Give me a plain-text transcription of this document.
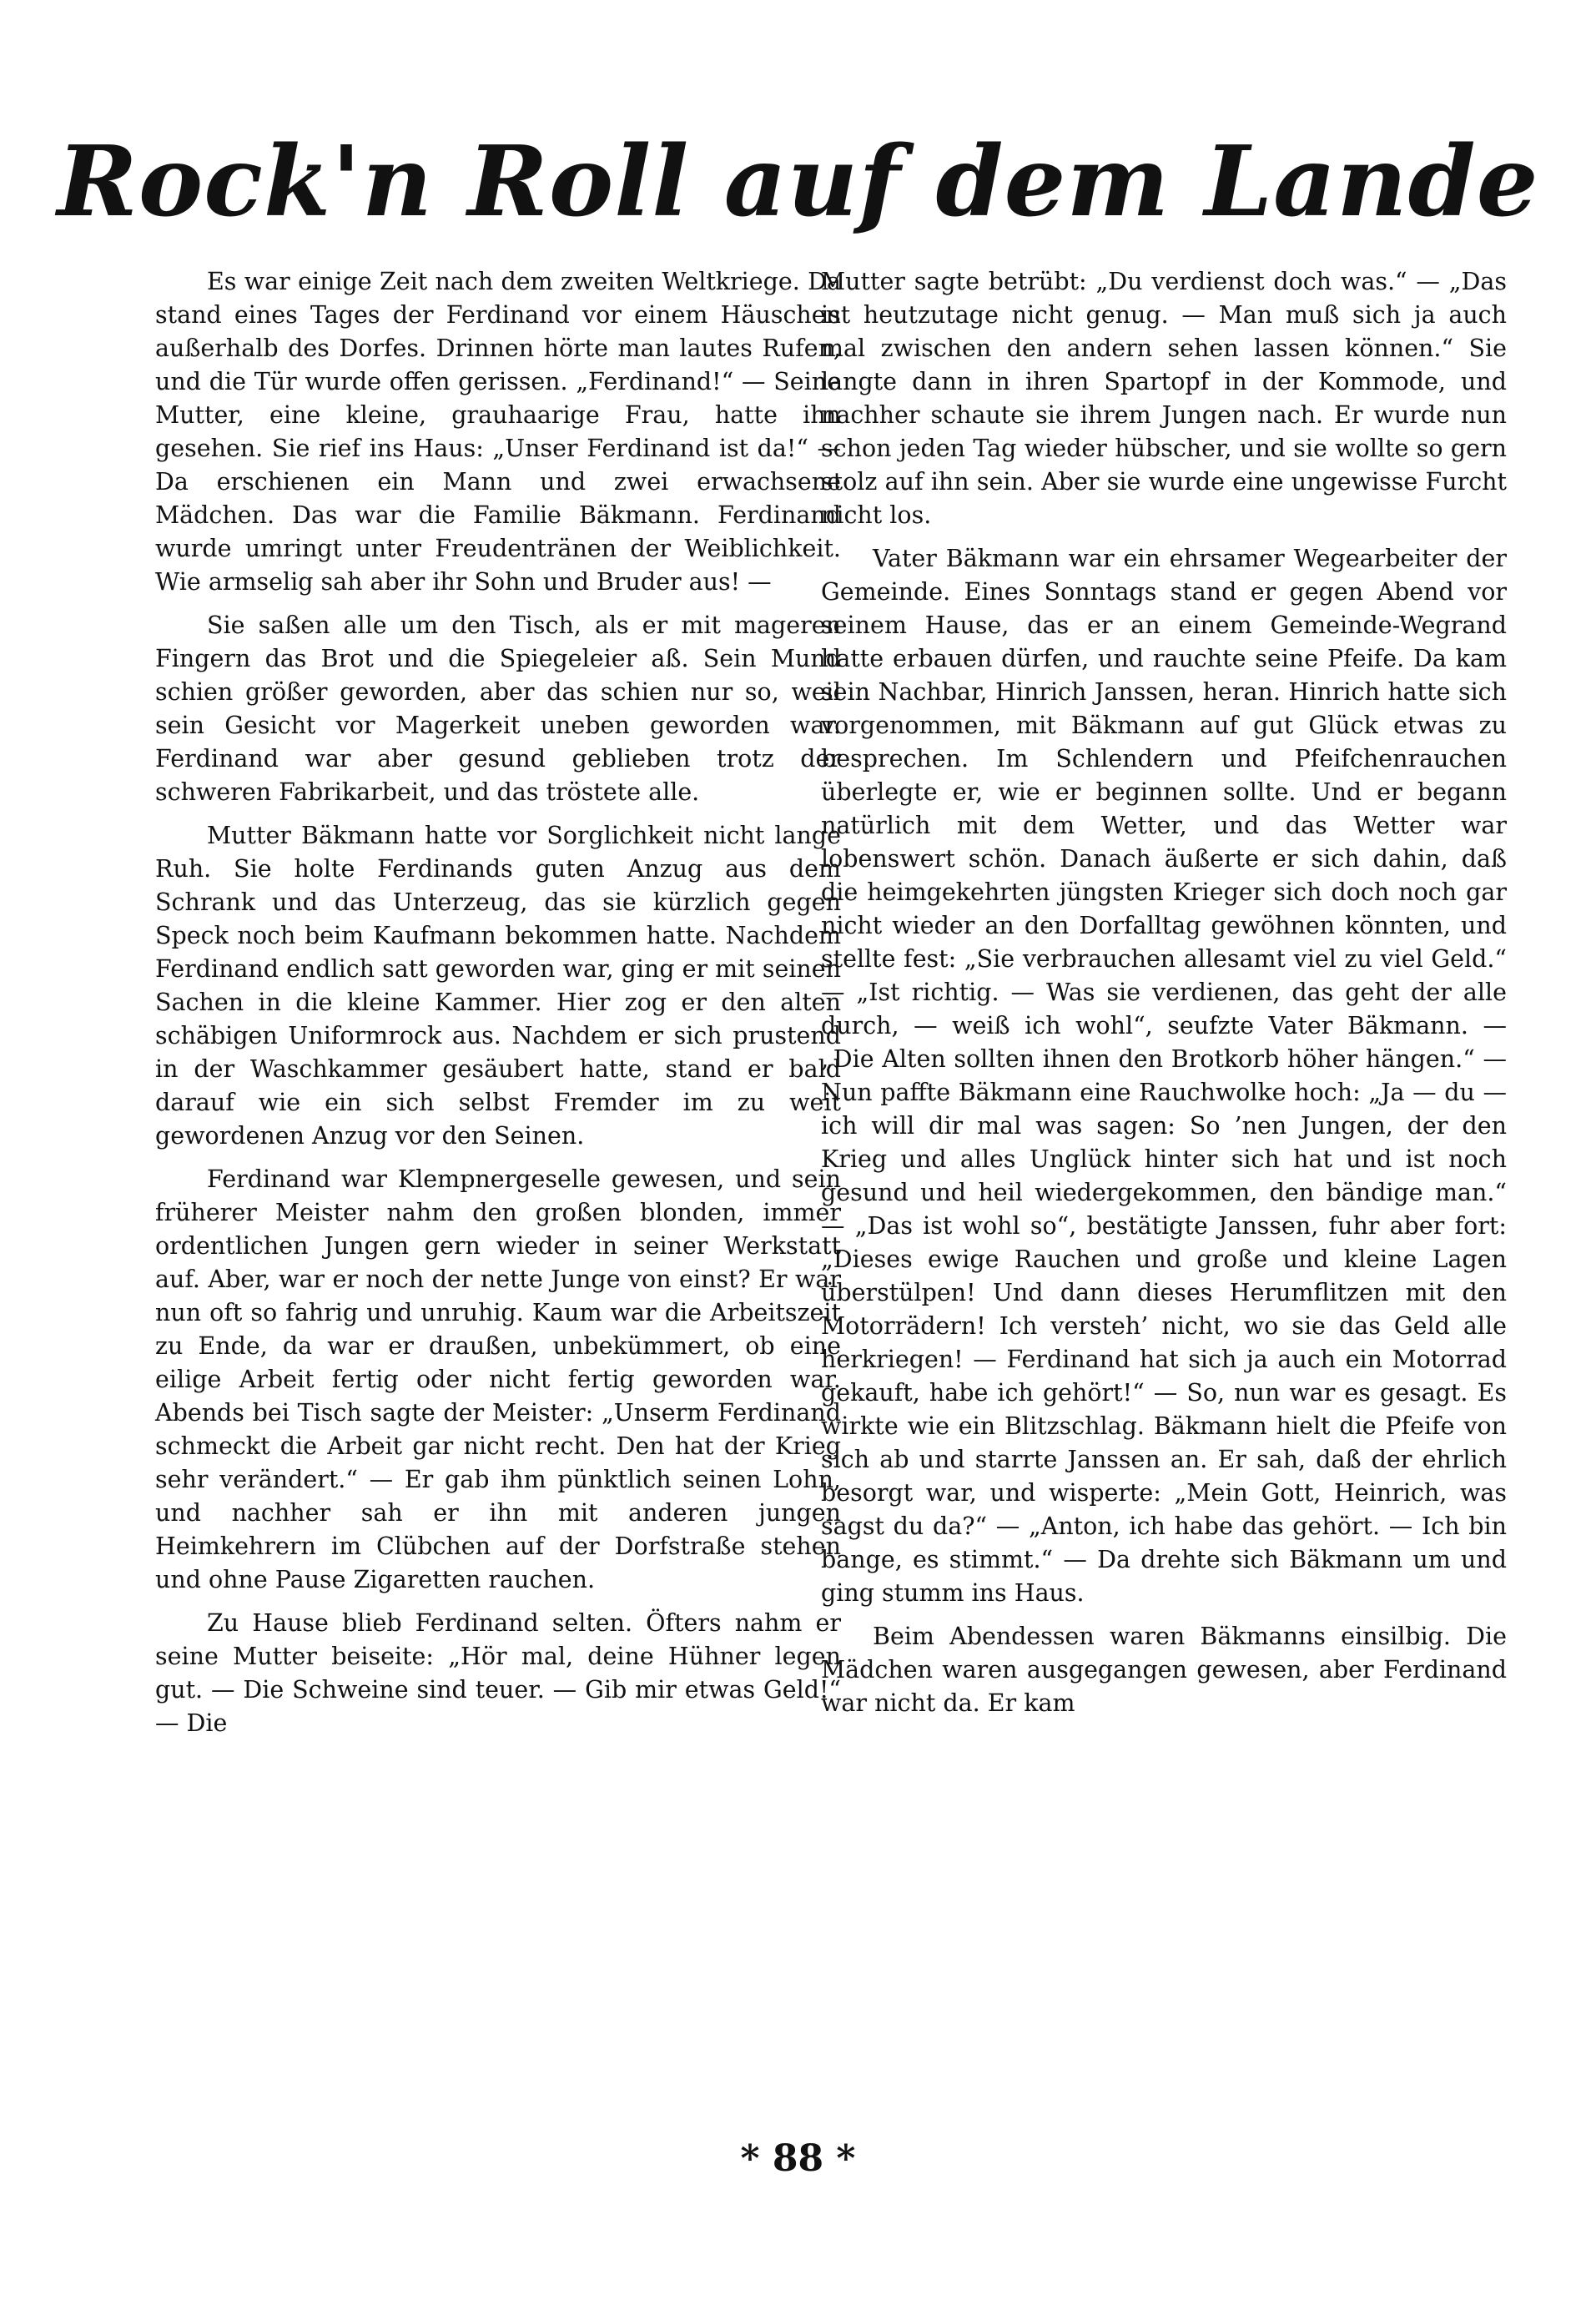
Rock'n Roll auf dem Lande

Es war einige Zeit nach dem zweiten Weltkriege. Da stand eines Tages der Ferdinand vor einem Häuschen außerhalb des Dorfes. Drinnen hörte man lautes Rufen, und die Tür wurde offen gerissen. „Ferdinand!“ — Seine Mutter, eine kleine, grauhaarige Frau, hatte ihn gesehen. Sie rief ins Haus: „Unser Ferdinand ist da!“ — Da erschienen ein Mann und zwei erwachsene Mädchen. Das war die Familie Bäkmann. Ferdinand wurde umringt unter Freudentränen der Weiblichkeit. Wie armselig sah aber ihr Sohn und Bruder aus! —

Sie saßen alle um den Tisch, als er mit mageren Fingern das Brot und die Spiegeleier aß. Sein Mund schien größer geworden, aber das schien nur so, weil sein Gesicht vor Magerkeit uneben geworden war. Ferdinand war aber gesund geblieben trotz der schweren Fabrikarbeit, und das tröstete alle.

Mutter Bäkmann hatte vor Sorglichkeit nicht lange Ruh. Sie holte Ferdinands guten Anzug aus dem Schrank und das Unterzeug, das sie kürzlich gegen Speck noch beim Kaufmann bekommen hatte. Nachdem Ferdinand endlich satt geworden war, ging er mit seinen Sachen in die kleine Kammer. Hier zog er den alten schäbigen Uniformrock aus. Nachdem er sich prustend in der Waschkammer gesäubert hatte, stand er bald darauf wie ein sich selbst Fremder im zu weit gewordenen Anzug vor den Seinen.

Ferdinand war Klempnergeselle gewesen, und sein früherer Meister nahm den großen blonden, immer ordentlichen Jungen gern wieder in seiner Werkstatt auf. Aber, war er noch der nette Junge von einst? Er war nun oft so fahrig und unruhig. Kaum war die Arbeitszeit zu Ende, da war er draußen, unbekümmert, ob eine eilige Arbeit fertig oder nicht fertig geworden war. Abends bei Tisch sagte der Meister: „Unserm Ferdinand schmeckt die Arbeit gar nicht recht. Den hat der Krieg sehr verändert.“ — Er gab ihm pünktlich seinen Lohn, und nachher sah er ihn mit anderen jungen Heimkehrern im Clübchen auf der Dorfstraße stehen und ohne Pause Zigaretten rauchen.

Zu Hause blieb Ferdinand selten. Öfters nahm er seine Mutter beiseite: „Hör mal, deine Hühner legen gut. — Die Schweine sind teuer. — Gib mir etwas Geld!“ — Die

Mutter sagte betrübt: „Du verdienst doch was.“ — „Das ist heutzutage nicht genug. — Man muß sich ja auch mal zwischen den andern sehen lassen können.“ Sie langte dann in ihren Spartopf in der Kommode, und nachher schaute sie ihrem Jungen nach. Er wurde nun schon jeden Tag wieder hübscher, und sie wollte so gern stolz auf ihn sein. Aber sie wurde eine ungewisse Furcht nicht los.

Vater Bäkmann war ein ehrsamer Wegearbeiter der Gemeinde. Eines Sonntags stand er gegen Abend vor seinem Hause, das er an einem Gemeinde-Wegrand hatte erbauen dürfen, und rauchte seine Pfeife. Da kam sein Nachbar, Hinrich Janssen, heran. Hinrich hatte sich vorgenommen, mit Bäkmann auf gut Glück etwas zu besprechen. Im Schlendern und Pfeifchenrauchen überlegte er, wie er beginnen sollte. Und er begann natürlich mit dem Wetter, und das Wetter war lobenswert schön. Danach äußerte er sich dahin, daß die heimgekehrten jüngsten Krieger sich doch noch gar nicht wieder an den Dorfalltag gewöhnen könnten, und stellte fest: „Sie verbrauchen allesamt viel zu viel Geld.“ — „Ist richtig. — Was sie verdienen, das geht der alle durch, — weiß ich wohl“, seufzte Vater Bäkmann. — „Die Alten sollten ihnen den Brotkorb höher hängen.“ — Nun paffte Bäkmann eine Rauchwolke hoch: „Ja — du — ich will dir mal was sagen: So ’nen Jungen, der den Krieg und alles Unglück hinter sich hat und ist noch gesund und heil wiedergekommen, den bändige man.“ — „Das ist wohl so“, bestätigte Janssen, fuhr aber fort: „Dieses ewige Rauchen und große und kleine Lagen überstülpen! Und dann dieses Herumflitzen mit den Motorrädern! Ich versteh’ nicht, wo sie das Geld alle herkriegen! — Ferdinand hat sich ja auch ein Motorrad gekauft, habe ich gehört!“ — So, nun war es gesagt. Es wirkte wie ein Blitzschlag. Bäkmann hielt die Pfeife von sich ab und starrte Janssen an. Er sah, daß der ehrlich besorgt war, und wisperte: „Mein Gott, Heinrich, was sagst du da?“ — „Anton, ich habe das gehört. — Ich bin bange, es stimmt.“ — Da drehte sich Bäkmann um und ging stumm ins Haus.

Beim Abendessen waren Bäkmanns einsilbig. Die Mädchen waren ausgegangen gewesen, aber Ferdinand war nicht da. Er kam

* 88 *
